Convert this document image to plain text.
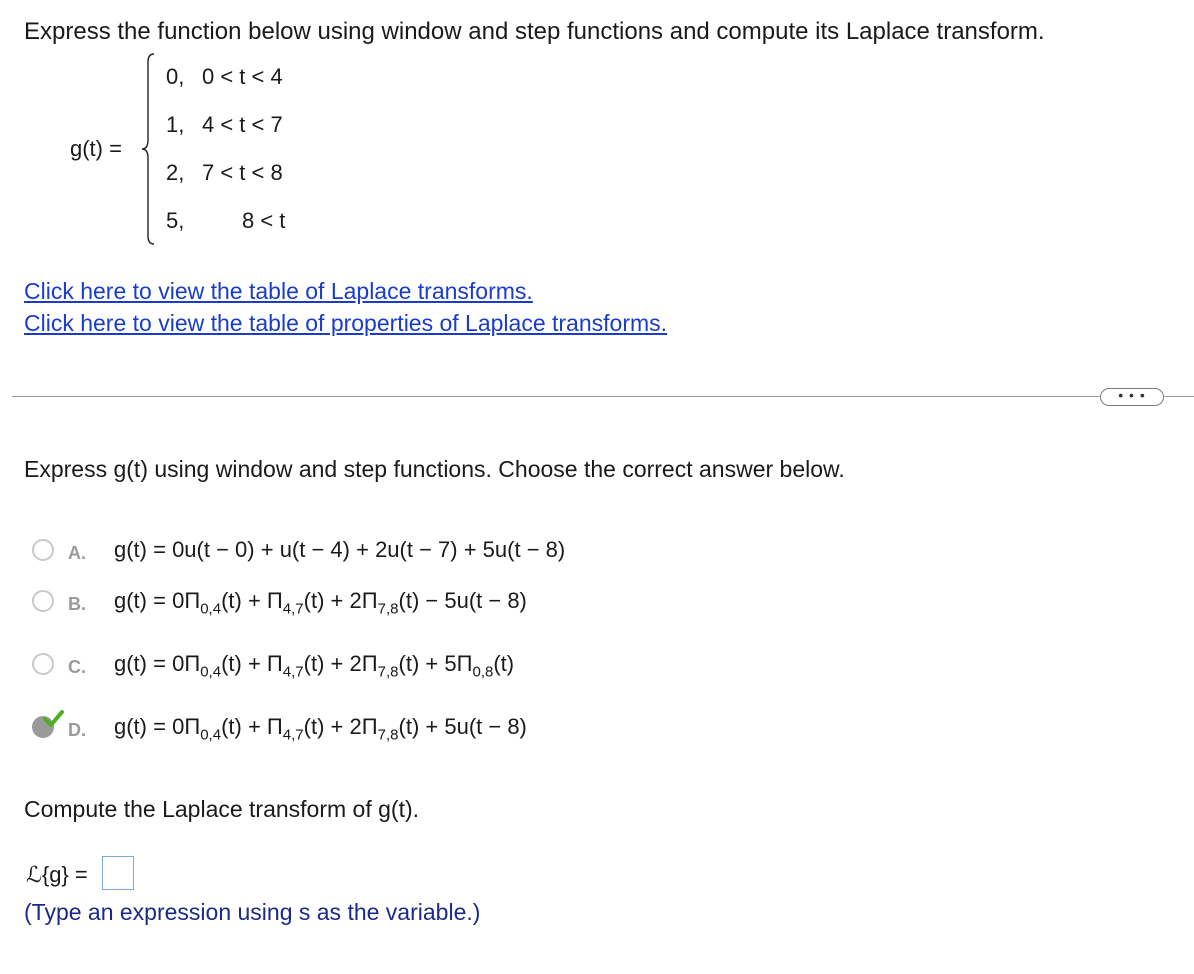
Express the function below using window and step functions and compute its Laplace transform.
g(t) =
0, 0 < t < 4
1, 4 < t < 7
2, 7 < t < 8
5,	8 < t
Click here to view the table of Laplace transforms.
Click here to view the table of properties of Laplace transforms.
• • •
Express g(t) using window and step functions. Choose the correct answer below.
A. g(t) = 0u(t − 0) + u(t − 4) + 2u(t − 7) + 5u(t − 8)
B. $g(t) = 0\Pi_{0,4}(t) + \Pi_{4,7}(t) + 2\Pi_{7,8}(t) - 5u(t - 8)$
C. $g(t) = 0\Pi_{0,4}(t) + \Pi_{4,7}(t) + 2\Pi_{7,8}(t) + 5\Pi_{0,8}(t)$
D. $g(t) = 0\Pi_{0,4}(t) + \Pi_{4,7}(t) + 2\Pi_{7,8}(t) + 5u(t - 8)$
Compute the Laplace transform of g(t).
ℒ{g} =
(Type an expression using s as the variable.)
